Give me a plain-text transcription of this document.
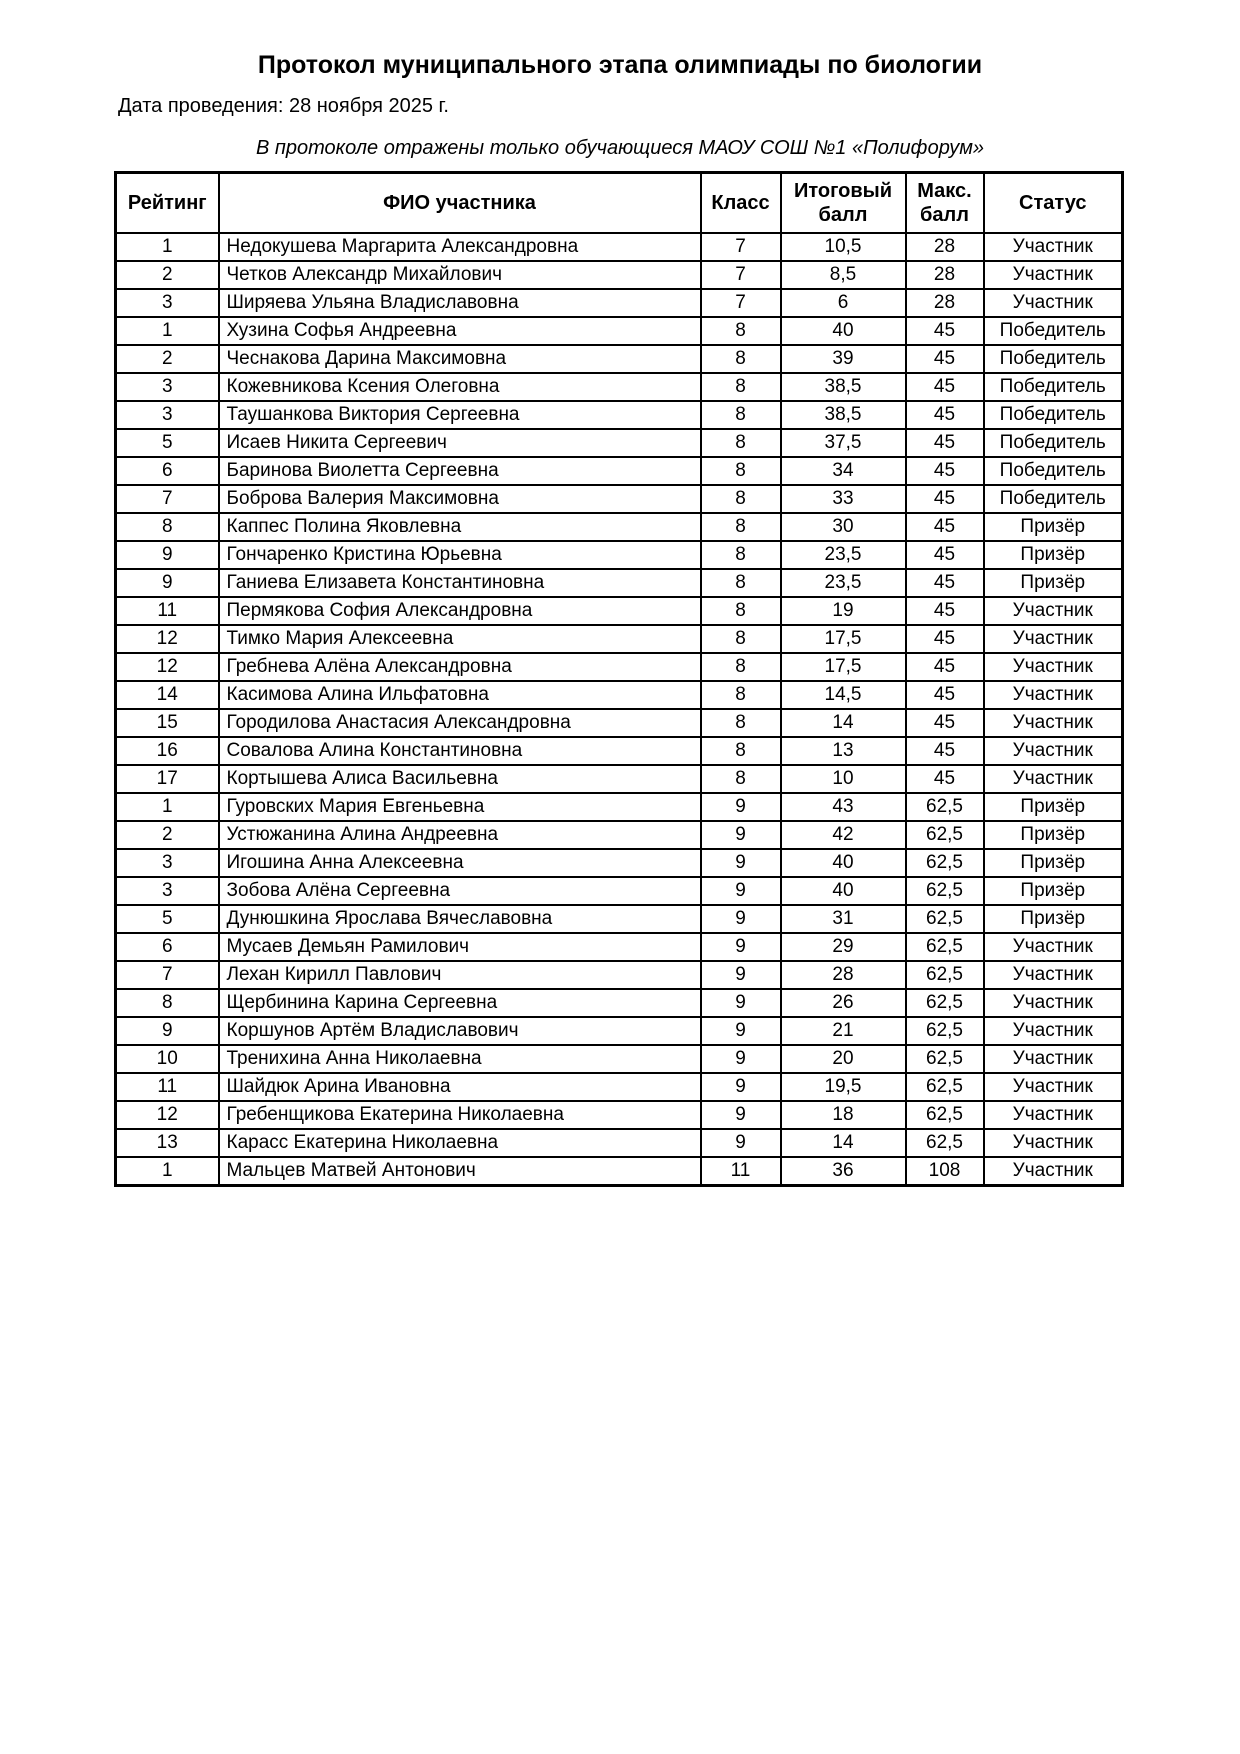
Протокол муниципального этапа олимпиады по биологии

Дата проведения: 28 ноября 2025 г.

В протоколе отражены только обучающиеся МАОУ СОШ №1 «Полифорум»

Рейтинг	ФИО участника	Класс	Итоговый балл	Макс. балл	Статус
1	Недокушева Маргарита Александровна	7	10,5	28	Участник
2	Четков Александр Михайлович	7	8,5	28	Участник
3	Ширяева Ульяна Владиславовна	7	6	28	Участник
1	Хузина Софья Андреевна	8	40	45	Победитель
2	Чеснакова Дарина Максимовна	8	39	45	Победитель
3	Кожевникова Ксения Олеговна	8	38,5	45	Победитель
3	Таушанкова Виктория Сергеевна	8	38,5	45	Победитель
5	Исаев Никита Сергеевич	8	37,5	45	Победитель
6	Баринова Виолетта Сергеевна	8	34	45	Победитель
7	Боброва Валерия Максимовна	8	33	45	Победитель
8	Каппес Полина Яковлевна	8	30	45	Призёр
9	Гончаренко Кристина Юрьевна	8	23,5	45	Призёр
9	Ганиева Елизавета Константиновна	8	23,5	45	Призёр
11	Пермякова София Александровна	8	19	45	Участник
12	Тимко Мария Алексеевна	8	17,5	45	Участник
12	Гребнева Алёна Александровна	8	17,5	45	Участник
14	Касимова Алина Ильфатовна	8	14,5	45	Участник
15	Городилова Анастасия Александровна	8	14	45	Участник
16	Совалова Алина Константиновна	8	13	45	Участник
17	Кортышева Алиса Васильевна	8	10	45	Участник
1	Гуровских Мария Евгеньевна	9	43	62,5	Призёр
2	Устюжанина Алина Андреевна	9	42	62,5	Призёр
3	Игошина Анна Алексеевна	9	40	62,5	Призёр
3	Зобова Алёна Сергеевна	9	40	62,5	Призёр
5	Дунюшкина Ярослава Вячеславовна	9	31	62,5	Призёр
6	Мусаев Демьян Рамилович	9	29	62,5	Участник
7	Лехан Кирилл Павлович	9	28	62,5	Участник
8	Щербинина Карина Сергеевна	9	26	62,5	Участник
9	Коршунов Артём Владиславович	9	21	62,5	Участник
10	Тренихина Анна Николаевна	9	20	62,5	Участник
11	Шайдюк Арина Ивановна	9	19,5	62,5	Участник
12	Гребенщикова Екатерина Николаевна	9	18	62,5	Участник
13	Карасс Екатерина Николаевна	9	14	62,5	Участник
1	Мальцев Матвей Антонович	11	36	108	Участник
